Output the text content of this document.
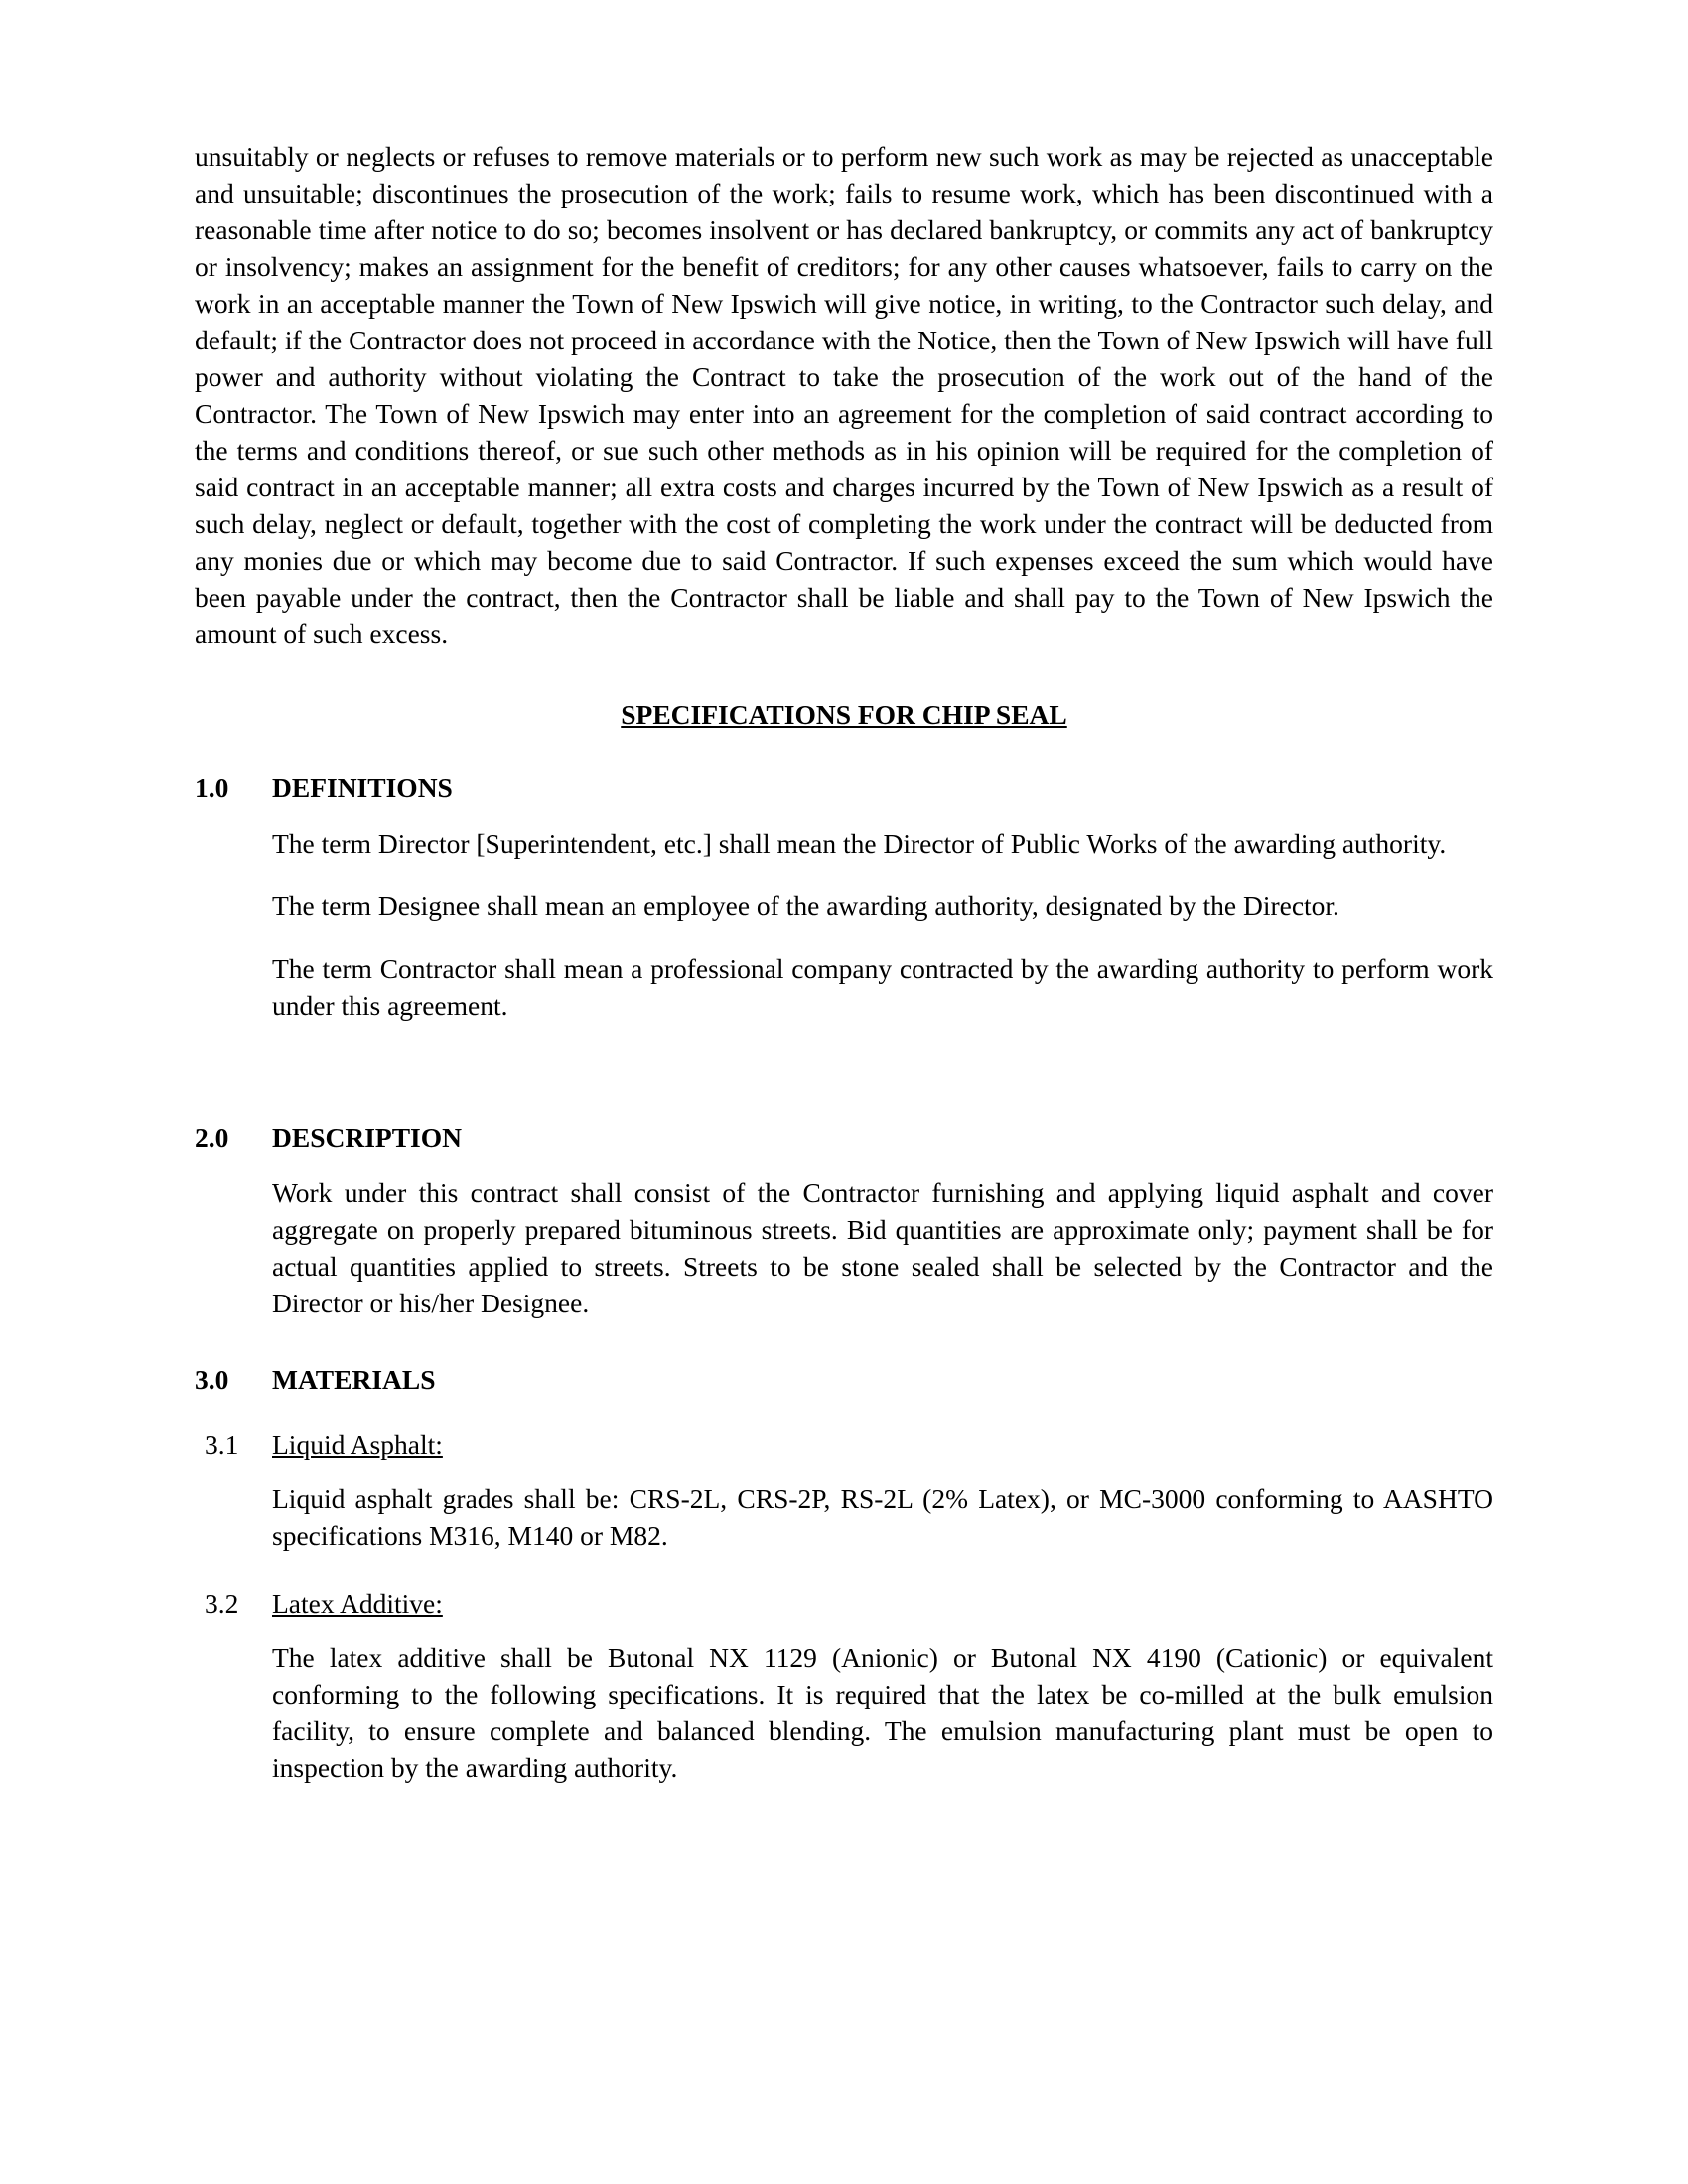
unsuitably or neglects or refuses to remove materials or to perform new such work as may be rejected as unacceptable and unsuitable; discontinues the prosecution of the work; fails to resume work, which has been discontinued with a reasonable time after notice to do so; becomes insolvent or has declared bankruptcy, or commits any act of bankruptcy or insolvency; makes an assignment for the benefit of creditors; for any other causes whatsoever, fails to carry on the work in an acceptable manner the Town of New Ipswich will give notice, in writing, to the Contractor such delay, and default; if the Contractor does not proceed in accordance with the Notice, then the Town of New Ipswich will have full power and authority without violating the Contract to take the prosecution of the work out of the hand of the Contractor. The Town of New Ipswich may enter into an agreement for the completion of said contract according to the terms and conditions thereof, or sue such other methods as in his opinion will be required for the completion of said contract in an acceptable manner; all extra costs and charges incurred by the Town of New Ipswich as a result of such delay, neglect or default, together with the cost of completing the work under the contract will be deducted from any monies due or which may become due to said Contractor. If such expenses exceed the sum which would have been payable under the contract, then the Contractor shall be liable and shall pay to the Town of New Ipswich the amount of such excess.

SPECIFICATIONS FOR CHIP SEAL
1.0	DEFINITIONS

The term Director [Superintendent, etc.] shall mean the Director of Public Works of the awarding authority.

The term Designee shall mean an employee of the awarding authority, designated by the Director.

The term Contractor shall mean a professional company contracted by the awarding authority to perform work under this agreement.

2.0	DESCRIPTION

Work under this contract shall consist of the Contractor furnishing and applying liquid asphalt and cover aggregate on properly prepared bituminous streets. Bid quantities are approximate only; payment shall be for actual quantities applied to streets. Streets to be stone sealed shall be selected by the Contractor and the Director or his/her Designee.

3.0	MATERIALS
3.1	Liquid Asphalt:

Liquid asphalt grades shall be: CRS-2L, CRS-2P, RS-2L (2% Latex), or MC-3000 conforming to AASHTO specifications M316, M140 or M82.

3.2	Latex Additive:

The latex additive shall be Butonal NX 1129 (Anionic) or Butonal NX 4190 (Cationic) or equivalent conforming to the following specifications. It is required that the latex be co-milled at the bulk emulsion facility, to ensure complete and balanced blending. The emulsion manufacturing plant must be open to inspection by the awarding authority.
